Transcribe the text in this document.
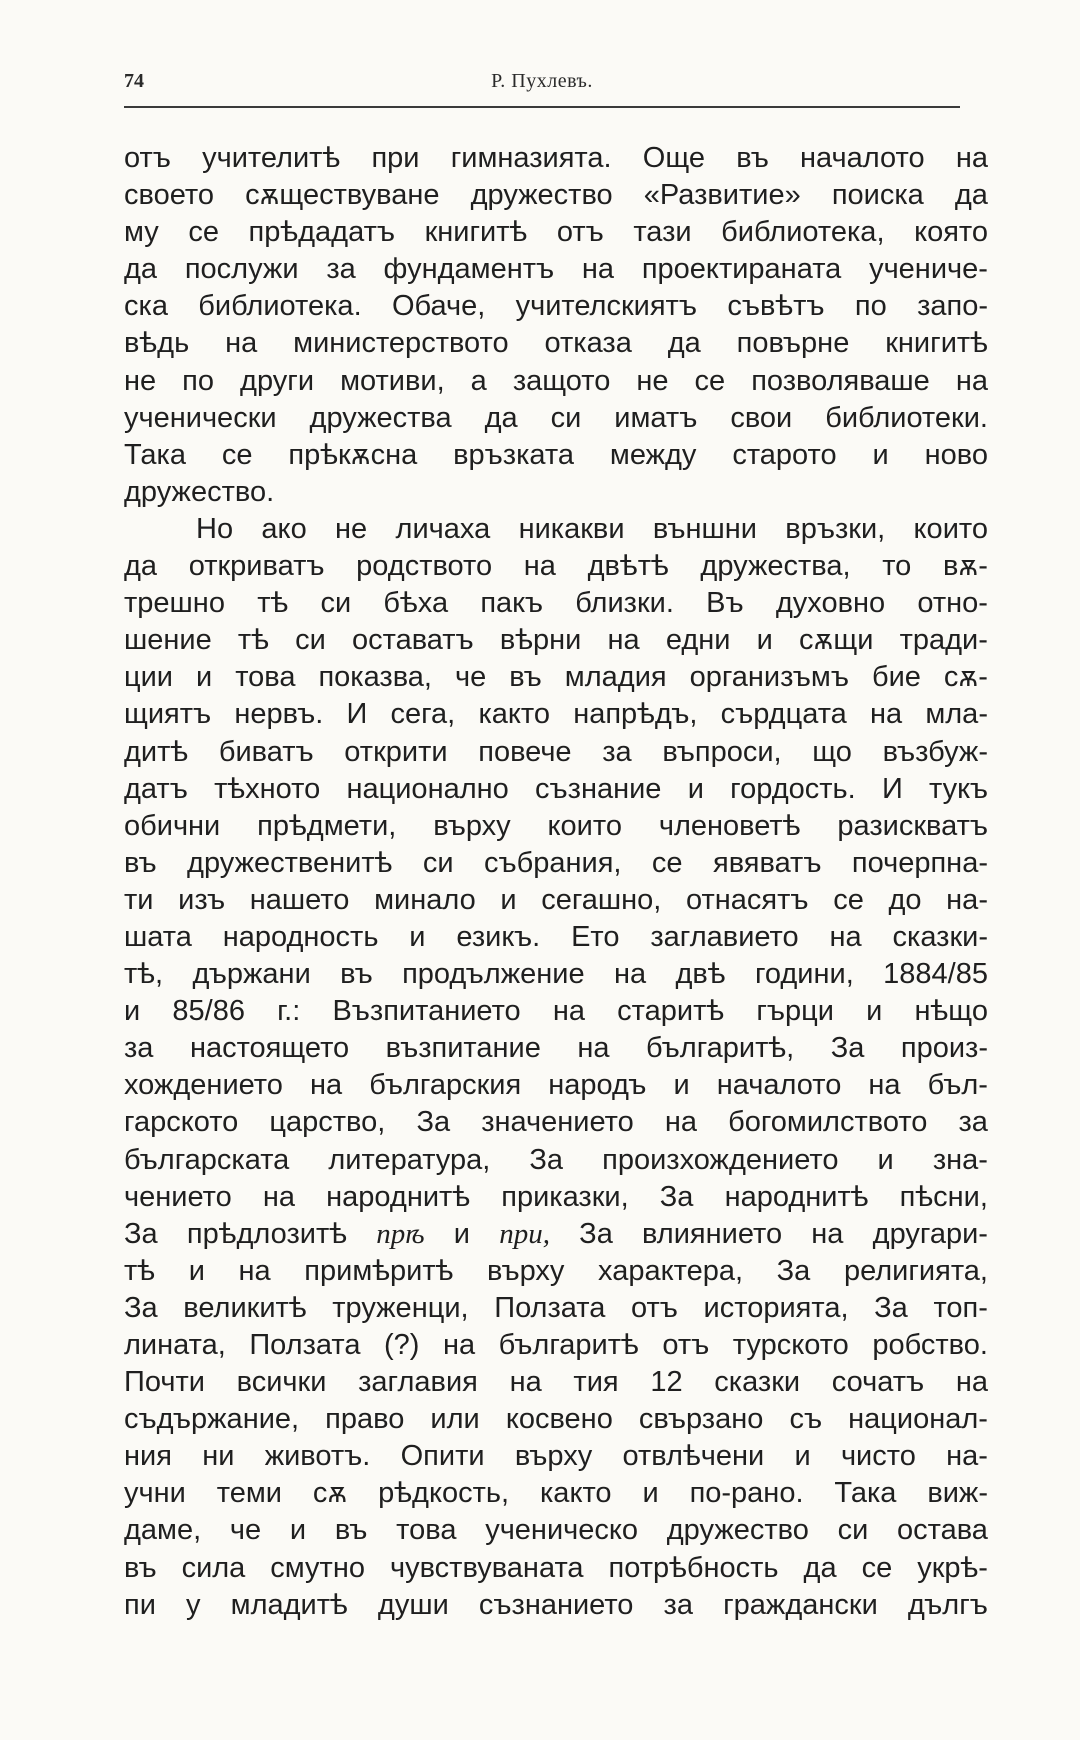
74	Р. Пухлевъ.
отъ учителитѣ при гимназията. Още въ началото на
своето сѫществуване дружество «Развитие» поиска да
му се прѣдадатъ книгитѣ отъ тази библиотека, която
да послужи за фундаментъ на проектираната учениче-
ска библиотека. Обаче, учителскиятъ съвѣтъ по запо-
вѣдь на министерството отказа да повърне книгитѣ
не по други мотиви, а защото не се позволяваше на
ученически дружества да си иматъ свои библиотеки.
Така се прѣкѫсна връзката между старото и ново
дружество.
Но ако не личаха никакви външни връзки, които
да откриватъ родството на двѣтѣ дружества, то вѫ-
трешно тѣ си бѣха пакъ близки. Въ духовно отно-
шение тѣ си оставатъ вѣрни на едни и сѫщи тради-
ции и това показва, че въ младия организъмъ бие сѫ-
щиятъ нервъ. И сега, както напрѣдъ, сърдцата на мла-
дитѣ биватъ открити повече за въпроси, що възбуж-
датъ тѣхното национално съзнание и гордость. И тукъ
обични прѣдмети, върху които членоветѣ разискватъ
въ дружественитѣ си събрания, се явяватъ почерпна-
ти изъ нашето минало и сегашно, отнасятъ се до на-
шата народность и езикъ. Ето заглавието на сказки-
тѣ, държани въ продължение на двѣ години, 1884/85
и 85/86 г.: Възпитанието на старитѣ гърци и нѣщо
за настоящето възпитание на българитѣ, За произ-
хождението на българския народъ и началото на бъл-
гарското царство, За значението на богомилството за
българската литература, За произхождението и зна-
чението на народнитѣ приказки, За народнитѣ пѣсни,
За прѣдлозитѣ прѣ и при, За влиянието на другари-
тѣ и на примѣритѣ върху характера, За религията,
За великитѣ труженци, Ползата отъ историята, За топ-
лината, Ползата (?) на българитѣ отъ турското робство.
Почти всички заглавия на тия 12 сказки сочатъ на
съдържание, право или косвено свързано съ национал-
ния ни животъ. Опити върху отвлѣчени и чисто на-
учни теми сѫ рѣдкость, както и по-рано. Така виж-
даме, че и въ това ученическо дружество си остава
въ сила смутно чувствуваната потрѣбность да се укрѣ-
пи у младитѣ души съзнанието за граждански дългъ
